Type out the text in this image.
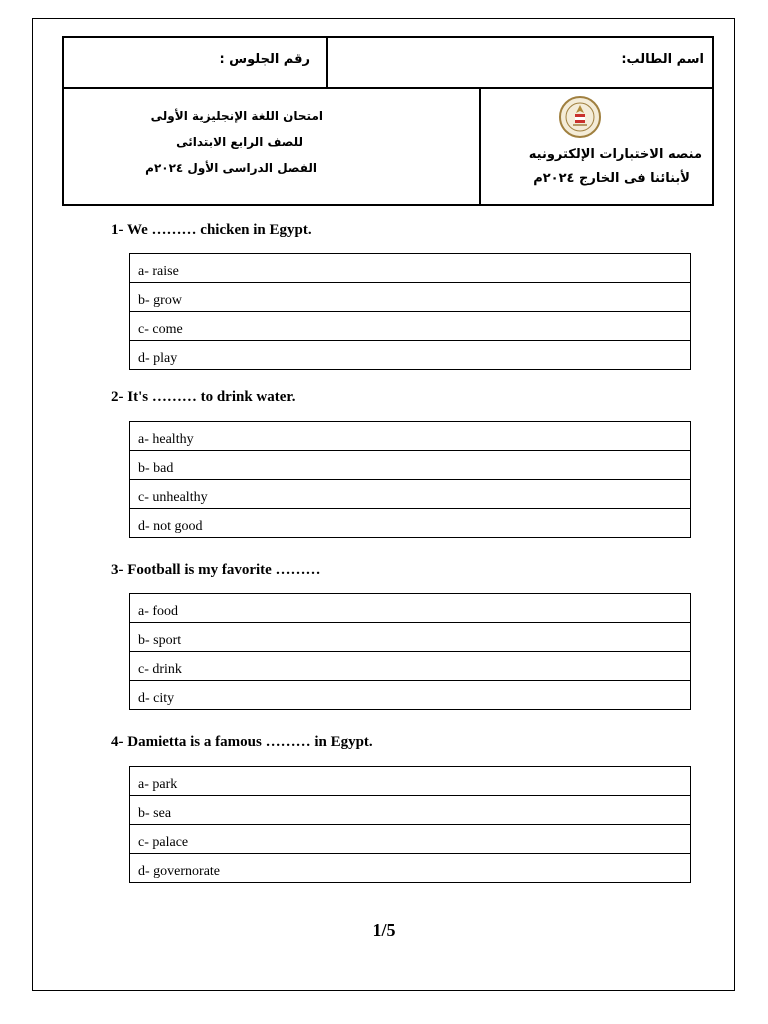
رقم الجلوس :	اسم الطالب:
امتحان اللغة الإنجليزية الأولى
للصف الرابع الابتدائى
الفصل الدراسى الأول ٢٠٢٤م
منصه الاختبارات الإلكترونيه
لأبنائنا فى الخارج ٢٠٢٤م
1- We ……… chicken in Egypt.
a- raise
b- grow
c- come
d- play
2- It's ……… to drink water.
a- healthy
b- bad
c- unhealthy
d- not good
3- Football is my favorite ………
a- food
b- sport
c- drink
d- city
4- Damietta is a famous ……… in Egypt.
a- park
b- sea
c- palace
d- governorate
1/5
